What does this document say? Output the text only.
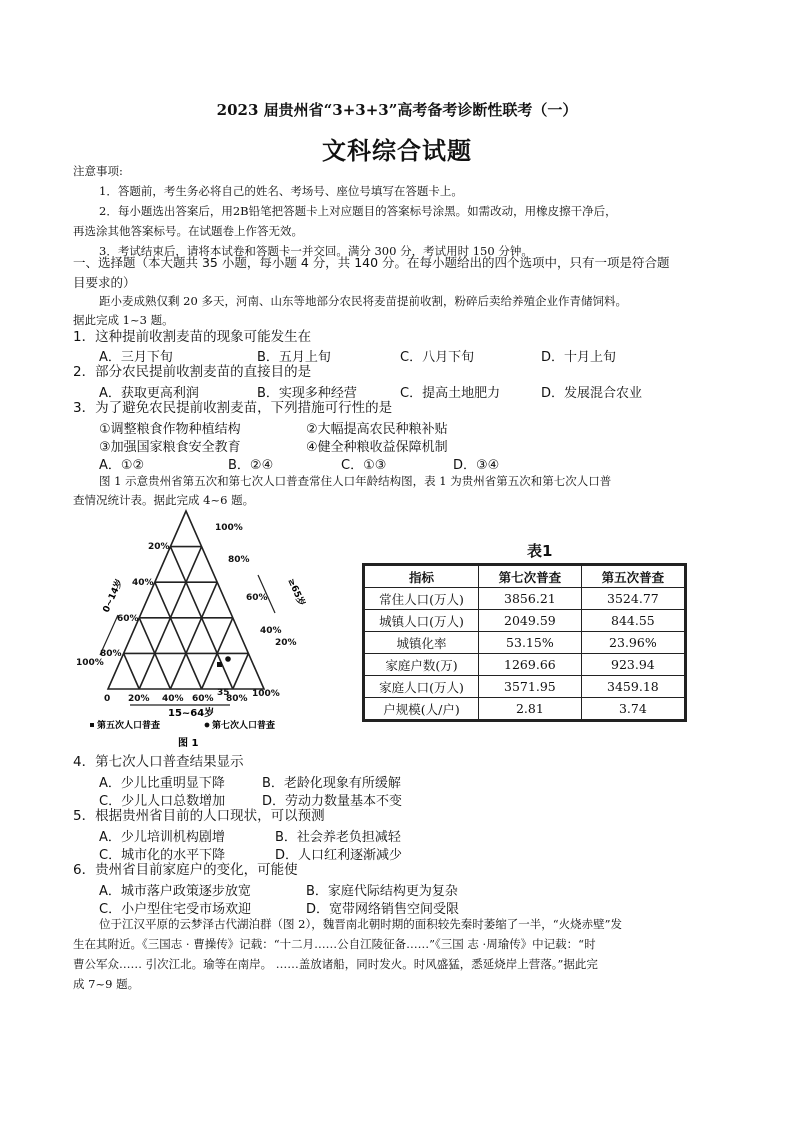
2023 届贵州省“3+3+3”高考备考诊断性联考（一）
文科综合试题
注意事项:
1．答题前，考生务必将自己的姓名、考场号、座位号填写在答题卡上。
2．每小题选出答案后，用2B铅笔把答题卡上对应题目的答案标号涂黑。如需改动，用橡皮擦干净后，
再选涂其他答案标号。在试题卷上作答无效。
3．考试结束后，请将本试卷和答题卡一并交回。满分 300 分，考试用时 150 分钟。
一、选择题（本大题共 35 小题，每小题 4 分，共 140 分。在每小题给出的四个选项中，只有一项是符合题
目要求的）
距小麦成熟仅剩 20 多天，河南、山东等地部分农民将麦苗提前收割，粉碎后卖给养殖企业作青储饲料。
据此完成 1~3 题。
1．这种提前收割麦苗的现象可能发生在
A．三月下旬	B．五月上旬	C．八月下旬	D．十月上旬
2．部分农民提前收割麦苗的直接目的是
A．获取更高利润	B．实现多种经营	C．提高土地肥力	D．发展混合农业
3．为了避免农民提前收割麦苗，下列措施可行性的是
①调整粮食作物种植结构	②大幅提高农民种粮补贴
③加强国家粮食安全教育	④健全种粮收益保障机制
A．①②	B．②④	C．①③	D．③④
图 1 示意贵州省第五次和第七次人口普查常住人口年龄结构图，表 1 为贵州省第五次和第七次人口普
查情况统计表。据此完成 4~6 题。
20%
40%
60%
80%
100%
100%
80%
60%
40%
20%
0 20% 40% 60%
35
80% 100%
0~14岁	≥65岁
15~64岁
第五次人口普查	第七次人口普查
图 1
表1
指标	第七次普查	第五次普查
常住人口(万人)	3856.21	3524.77
城镇人口(万人)	2049.59	844.55
城镇化率	53.15%	23.96%
家庭户数(万)	1269.66	923.94
家庭人口(万人)	3571.95	3459.18
户规模(人/户)	2.81	3.74
4．第七次人口普查结果显示
A．少儿比重明显下降	B．老龄化现象有所缓解
C．少儿人口总数增加	D．劳动力数量基本不变
5．根据贵州省目前的人口现状，可以预测
A．少儿培训机构剧增	B．社会养老负担减轻
C．城市化的水平下降	D．人口红利逐渐减少
6．贵州省目前家庭户的变化，可能使
A．城市落户政策逐步放宽	B．家庭代际结构更为复杂
C．小户型住宅受市场欢迎	D．宽带网络销售空间受限
位于江汉平原的云梦泽古代湖泊群（图 2），魏晋南北朝时期的面积较先秦时萎缩了一半，“火烧赤壁”发
生在其附近。《三国志 · 曹操传》记载：“十二月……公自江陵征备……”《三国 志 ·周瑜传》中记载：“时
曹公军众…… 引次江北。瑜等在南岸。 ……盖放诸船，同时发火。时风盛猛，悉延烧岸上营落。”据此完
成 7~9 题。
